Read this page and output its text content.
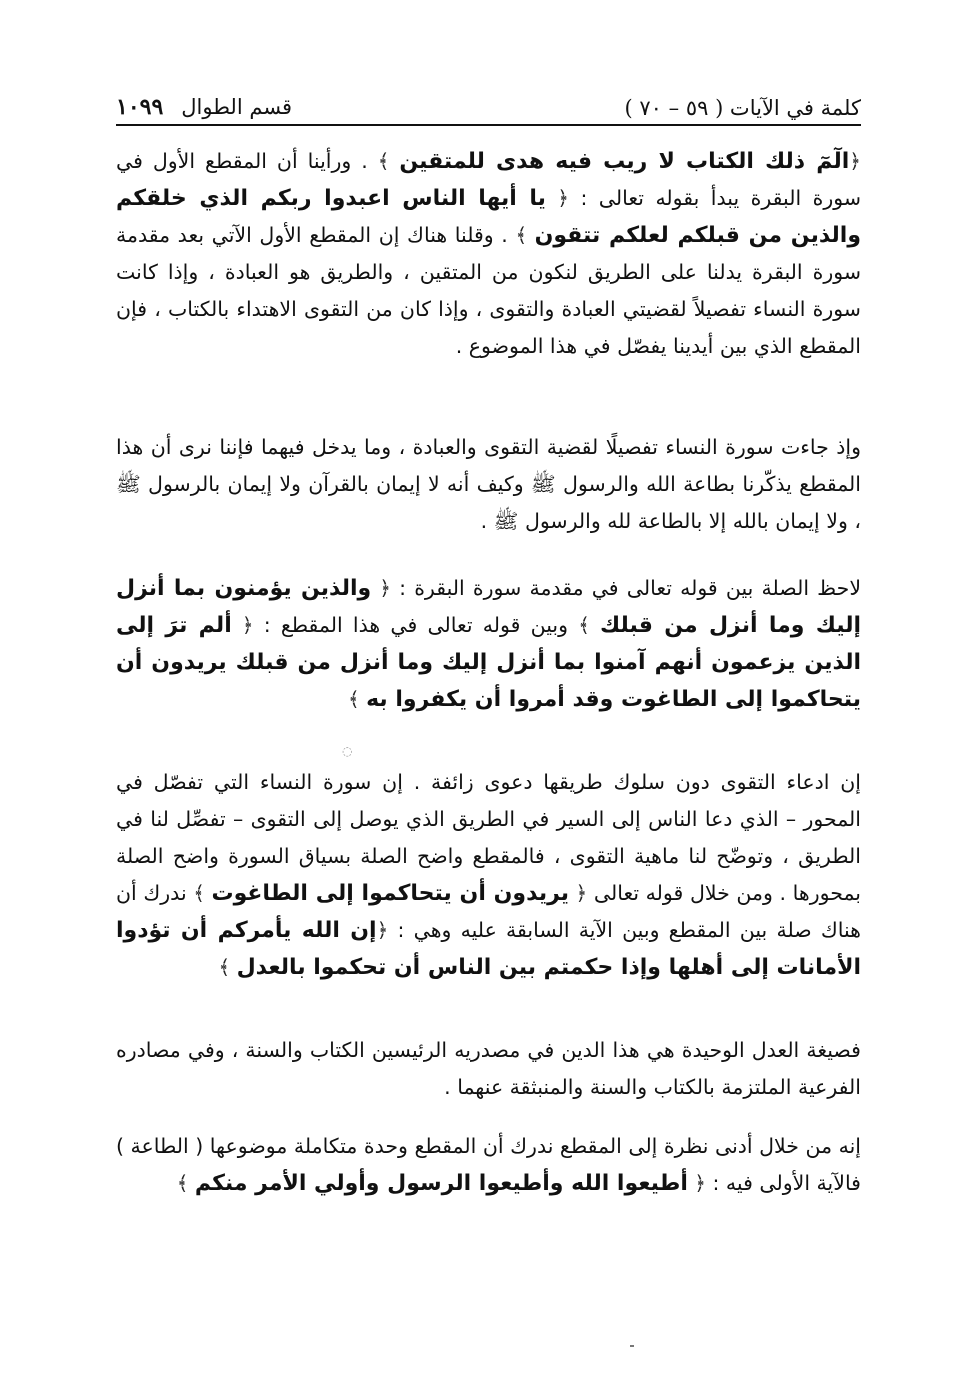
كلمة في الآيات ( ٥٩ – ٧٠ )
قسم الطوال
١٠٩٩

﴿الٓمٓ ذلك الكتاب لا ريب فيه هدى للمتقين ﴾ . ورأينا أن المقطع الأول في سورة البقرة يبدأ بقوله تعالى : ﴿ يا أيها الناس اعبدوا ربكم الذي خلقكم والذين من قبلكم لعلكم تتقون ﴾ . وقلنا هناك إن المقطع الأول الآتي بعد مقدمة سورة البقرة يدلنا على الطريق لنكون من المتقين ، والطريق هو العبادة ، وإذا كانت سورة النساء تفصيلاً لقضيتي العبادة والتقوى ، وإذا كان من التقوى الاهتداء بالكتاب ، فإن المقطع الذي بين أيدينا يفصّل في هذا الموضوع .

وإذ جاءت سورة النساء تفصيلًا لقضية التقوى والعبادة ، وما يدخل فيهما فإننا نرى أن هذا المقطع يذكّرنا بطاعة الله والرسول ﷺ وكيف أنه لا إيمان بالقرآن ولا إيمان بالرسول ﷺ ، ولا إيمان بالله إلا بالطاعة لله والرسول ﷺ .

لاحظ الصلة بين قوله تعالى في مقدمة سورة البقرة : ﴿ والذين يؤمنون بما أنزل إليك وما أنزل من قبلك ﴾ وبين قوله تعالى في هذا المقطع : ﴿ ألم ترَ إلى الذين يزعمون أنهم آمنوا بما أنزل إليك وما أنزل من قبلك يريدون أن يتحاكموا إلى الطاغوت وقد أمروا أن يكفروا به ﴾

إن ادعاء التقوى دون سلوك طريقها دعوى زائفة . إن سورة النساء التي تفصّل في المحور – الذي دعا الناس إلى السير في الطريق الذي يوصل إلى التقوى – تفصِّل لنا في الطريق ، وتوضّح لنا ماهية التقوى ، فالمقطع واضح الصلة بسياق السورة واضح الصلة بمحورها . ومن خلال قوله تعالى ﴿ يريدون أن يتحاكموا إلى الطاغوت ﴾ ندرك أن هناك صلة بين المقطع وبين الآية السابقة عليه وهي : ﴿إن الله يأمركم أن تؤدوا الأمانات إلى أهلها وإذا حكمتم بين الناس أن تحكموا بالعدل ﴾

فصيغة العدل الوحيدة هي هذا الدين في مصدريه الرئيسين الكتاب والسنة ، وفي مصادره الفرعية الملتزمة بالكتاب والسنة والمنبثقة عنهما .

إنه من خلال أدنى نظرة إلى المقطع ندرك أن المقطع وحدة متكاملة موضوعها ( الطاعة ) فالآية الأولى فيه : ﴿ أطيعوا الله وأطيعوا الرسول وأولي الأمر منكم ﴾

◌
